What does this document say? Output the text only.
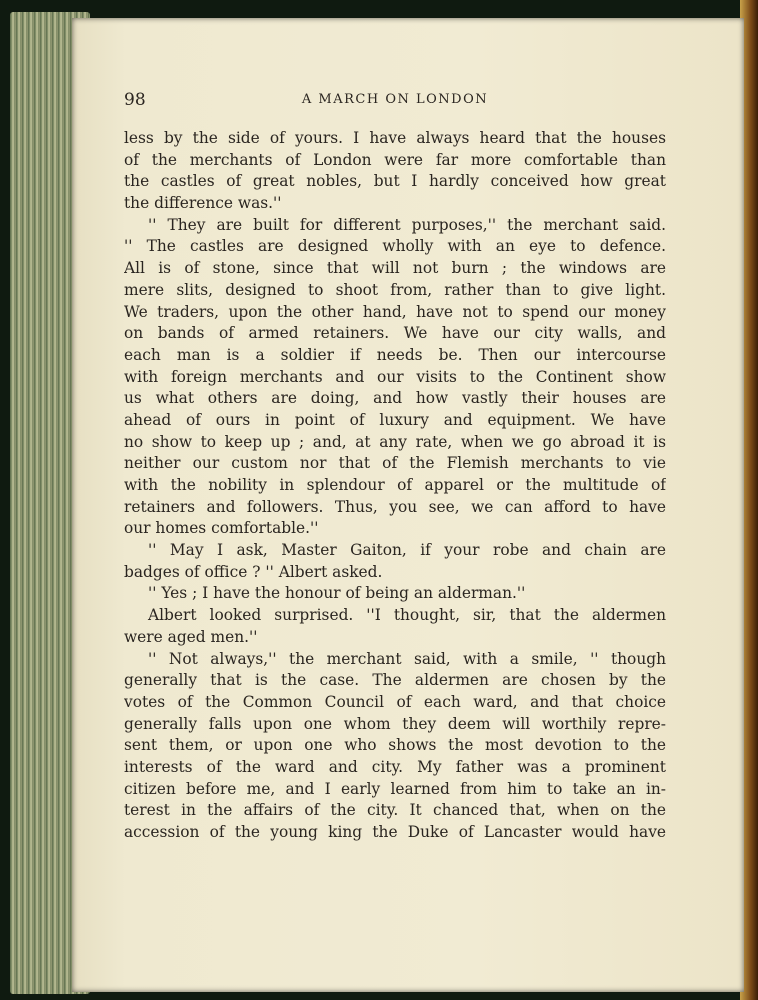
98	A MARCH ON LONDON
less by the side of yours. I have always heard that the houses
of the merchants of London were far more comfortable than
the castles of great nobles, but I hardly conceived how great
the difference was.''
'' They are built for different purposes,'' the merchant said.
'' The castles are designed wholly with an eye to defence.
All is of stone, since that will not burn ; the windows are
mere slits, designed to shoot from, rather than to give light.
We traders, upon the other hand, have not to spend our money
on bands of armed retainers. We have our city walls, and
each man is a soldier if needs be. Then our intercourse
with foreign merchants and our visits to the Continent show
us what others are doing, and how vastly their houses are
ahead of ours in point of luxury and equipment. We have
no show to keep up ; and, at any rate, when we go abroad it is
neither our custom nor that of the Flemish merchants to vie
with the nobility in splendour of apparel or the multitude of
retainers and followers. Thus, you see, we can afford to have
our homes comfortable.''
'' May I ask, Master Gaiton, if your robe and chain are
badges of office ? '' Albert asked.
'' Yes ; I have the honour of being an alderman.''
Albert looked surprised. ''I thought, sir, that the aldermen
were aged men.''
'' Not always,'' the merchant said, with a smile, '' though
generally that is the case. The aldermen are chosen by the
votes of the Common Council of each ward, and that choice
generally falls upon one whom they deem will worthily repre-
sent them, or upon one who shows the most devotion to the
interests of the ward and city. My father was a prominent
citizen before me, and I early learned from him to take an in-
terest in the affairs of the city. It chanced that, when on the
accession of the young king the Duke of Lancaster would have
